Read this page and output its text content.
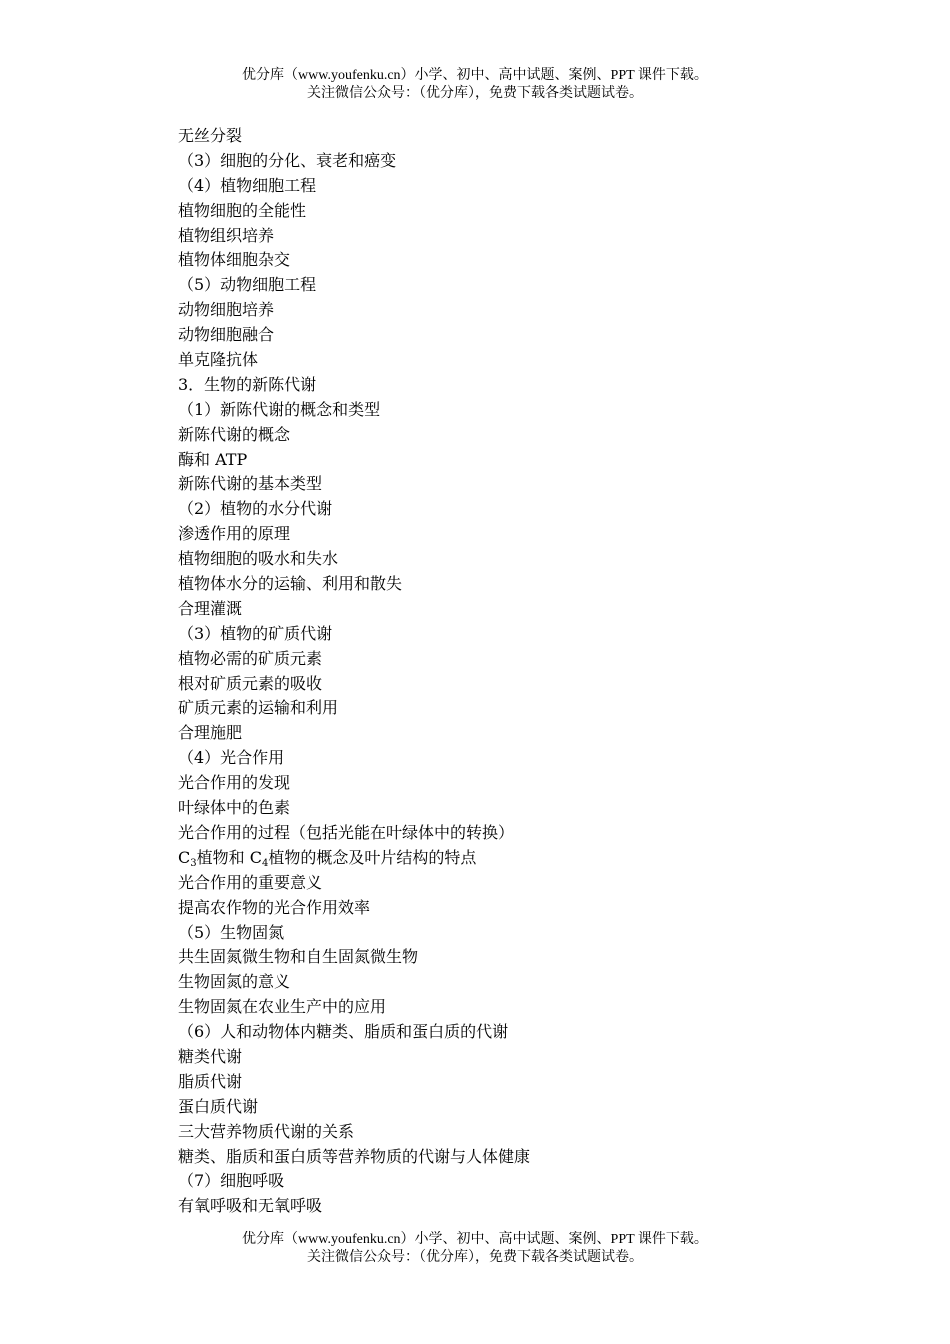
优分库（www.youfenku.cn）小学、初中、高中试题、案例、PPT 课件下载。
关注微信公众号：（优分库），免费下载各类试题试卷。
无丝分裂
（3）细胞的分化、衰老和癌变
（4）植物细胞工程
植物细胞的全能性
植物组织培养
植物体细胞杂交
（5）动物细胞工程
动物细胞培养
动物细胞融合
单克隆抗体
3．生物的新陈代谢
（1）新陈代谢的概念和类型
新陈代谢的概念
酶和 ATP
新陈代谢的基本类型
（2）植物的水分代谢
渗透作用的原理
植物细胞的吸水和失水
植物体水分的运输、利用和散失
合理灌溉
（3）植物的矿质代谢
植物必需的矿质元素
根对矿质元素的吸收
矿质元素的运输和利用
合理施肥
（4）光合作用
光合作用的发现
叶绿体中的色素
光合作用的过程（包括光能在叶绿体中的转换）
C3植物和 C4植物的概念及叶片结构的特点
光合作用的重要意义
提高农作物的光合作用效率
（5）生物固氮
共生固氮微生物和自生固氮微生物
生物固氮的意义
生物固氮在农业生产中的应用
（6）人和动物体内糖类、脂质和蛋白质的代谢
糖类代谢
脂质代谢
蛋白质代谢
三大营养物质代谢的关系
糖类、脂质和蛋白质等营养物质的代谢与人体健康
（7）细胞呼吸
有氧呼吸和无氧呼吸
优分库（www.youfenku.cn）小学、初中、高中试题、案例、PPT 课件下载。
关注微信公众号：（优分库），免费下载各类试题试卷。
